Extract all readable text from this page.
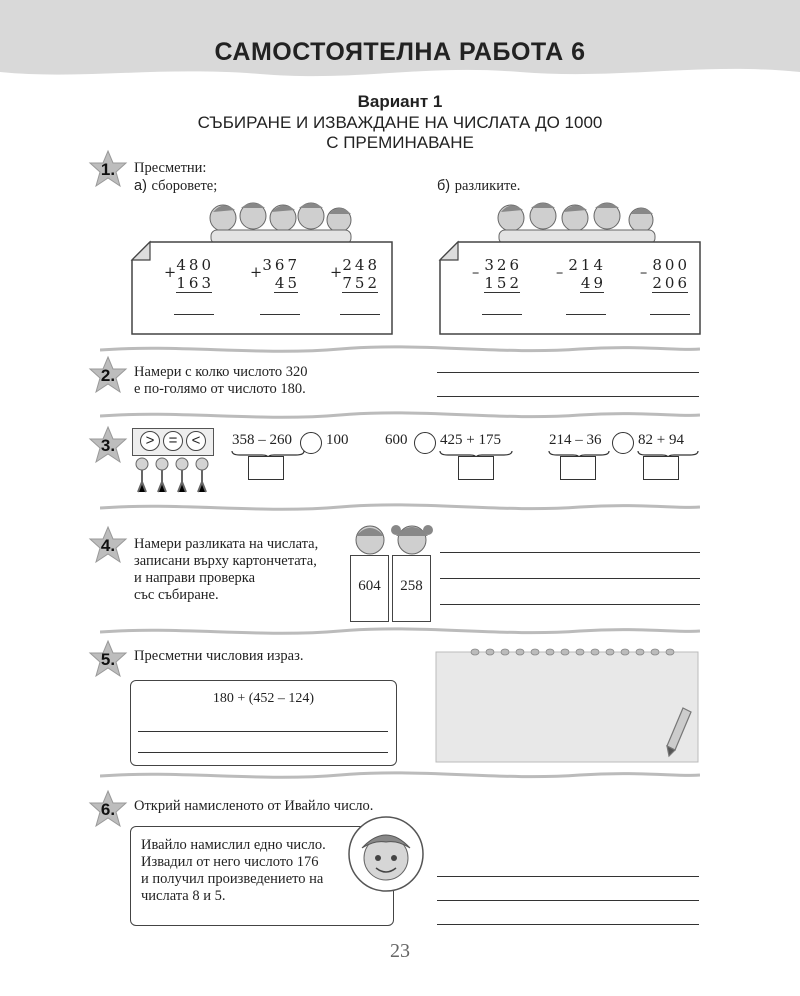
САМОСТОЯТЕЛНА РАБОТА 6
Вариант 1
СЪБИРАНЕ И ИЗВАЖДАНЕ НА ЧИСЛАТА ДО 1000
С ПРЕМИНАВАНЕ
1.	Пресметни:
а) сборовете;	б) разликите.
+ 480
163
+ 367
45
+ 248
752
– 326
152
– 214
49
– 800
206
2.	Намери с колко числото 320
е по-голямо от числото 180.
3.	> = <	358 – 260 100 600 425 + 175	214 – 36 82 + 94
4.	Намери разликата на числата,
записани върху картончетата,
и направи проверка
със събиране.
604	258
5.	Пресметни числовия израз.
180 + (452 – 124)
6.	Открий намисленото от Ивайло число.
Ивайло намислил едно число.
Извадил от него числото 176
и получил произведението на
числата 8 и 5.
23
